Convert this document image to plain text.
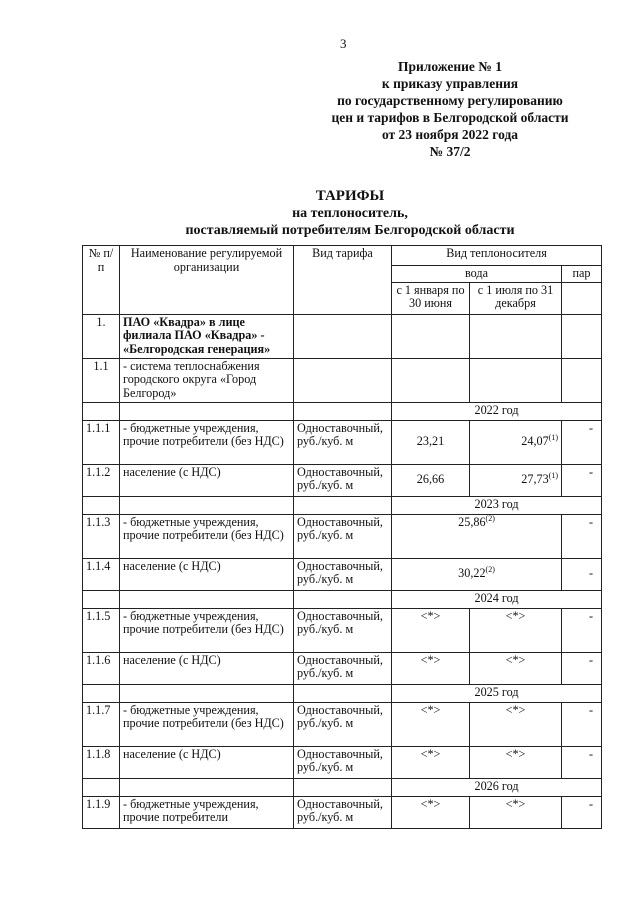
3
Приложение № 1
к приказу управления
по государственному регулированию
цен и тарифов в Белгородской области
от 23 ноября 2022 года
№ 37/2
ТАРИФЫ
на теплоноситель,
поставляемый потребителям Белгородской области
№ п/п	Наименование регулируемой организации	Вид тарифа	Вид теплоносителя		
			вода		пар
			с 1 января по 30 июня	с 1 июля по 31 декабря	
1.	ПАО «Квадра» в лице филиала ПАО «Квадра» - «Белгородская генерация»				
1.1	- система теплоснабжения городского округа «Город Белгород»				
			2022 год		
1.1.1	- бюджетные учреждения, прочие потребители (без НДС)	Одноставочный, руб./куб. м	23,21	24,07$^{(1)}$	-
1.1.2	население (с НДС)	Одноставочный, руб./куб. м	26,66	27,73$^{(1)}$	-
			2023 год		
1.1.3	- бюджетные учреждения, прочие потребители (без НДС)	Одноставочный, руб./куб. м	25,86$^{(2)}$		-
1.1.4	население (с НДС)	Одноставочный, руб./куб. м	30,22$^{(2)}$		-
			2024 год		
1.1.5	- бюджетные учреждения, прочие потребители (без НДС)	Одноставочный, руб./куб. м	<*>	<*>	-
1.1.6	население (с НДС)	Одноставочный, руб./куб. м	<*>	<*>	-
			2025 год		
1.1.7	- бюджетные учреждения, прочие потребители (без НДС)	Одноставочный, руб./куб. м	<*>	<*>	-
1.1.8	население (с НДС)	Одноставочный, руб./куб. м	<*>	<*>	-
			2026 год		
1.1.9	- бюджетные учреждения, прочие потребители	Одноставочный, руб./куб. м	<*>	<*>	-
